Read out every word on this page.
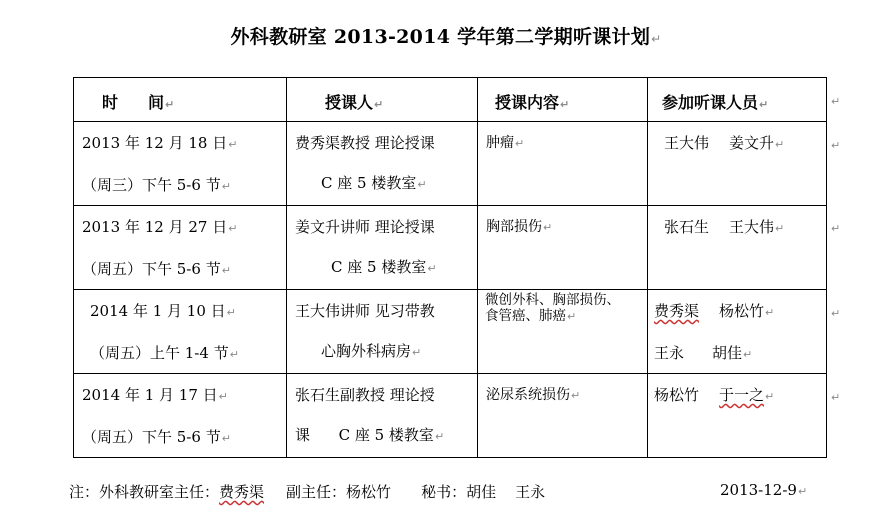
外科教研室 2013-2014 学年第二学期听课计划↵
时 间↵	授课人↵	授课内容↵	参加听课人员↵

2013 年 12 月 18 日↵
（周三）下午 5-6 节↵	费秀渠教授 理论授课
C 座 5 楼教室↵	肿瘤↵	王大伟 姜文升↵

2013 年 12 月 27 日↵
（周五）下午 5-6 节↵	姜文升讲师 理论授课
C 座 5 楼教室↵	胸部损伤↵	张石生 王大伟↵

2014 年 1 月 10 日↵
（周五）上午 1-4 节↵	王大伟讲师 见习带教
心胸外科病房↵	微创外科、胸部损伤、
食管癌、肺癌↵	费秀渠 杨松竹↵
王永 胡佳↵

2014 年 1 月 17 日↵
（周五）下午 5-6 节↵	张石生副教授 理论授
课      C 座 5 楼教室↵	泌尿系统损伤↵	杨松竹 于一之↵
↵
↵
↵
↵
↵
注：外科教研室主任：费秀渠 副主任：杨松竹 秘书：胡佳    王永	2013-12-9↵
